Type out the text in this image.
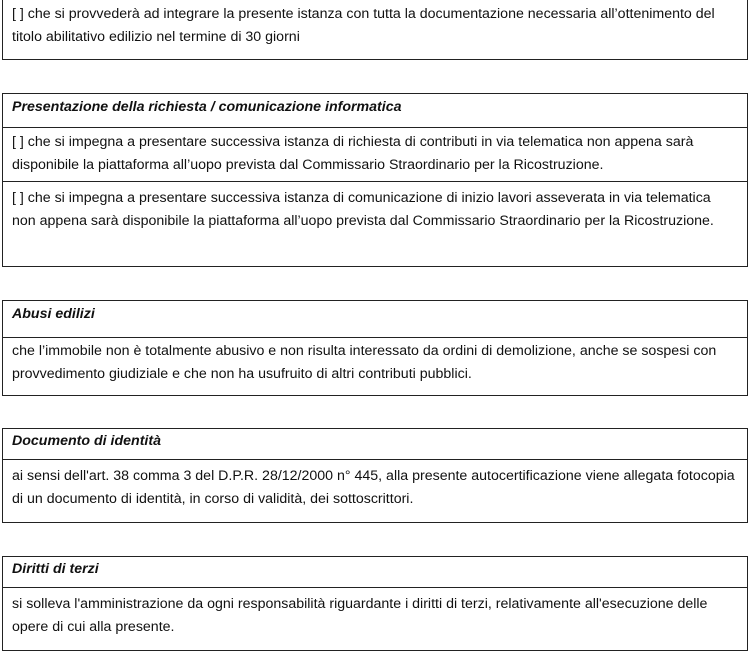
[ ] che si provvederà ad integrare la presente istanza con tutta la documentazione necessaria all’ottenimento del titolo abilitativo edilizio nel termine di 30 giorni

Presentazione della richiesta / comunicazione informatica

[ ] che si impegna a presentare successiva istanza di richiesta di contributi in via telematica non appena sarà disponibile la piattaforma all’uopo prevista dal Commissario Straordinario per la Ricostruzione.

[ ] che si impegna a presentare successiva istanza di comunicazione di inizio lavori asseverata in via telematica non appena sarà disponibile la piattaforma all’uopo prevista dal Commissario Straordinario per la Ricostruzione.

Abusi edilizi

che l’immobile non è totalmente abusivo e non risulta interessato da ordini di demolizione, anche se sospesi con provvedimento giudiziale e che non ha usufruito di altri contributi pubblici.

Documento di identità

ai sensi dell'art. 38 comma 3 del D.P.R. 28/12/2000 n° 445, alla presente autocertificazione viene allegata fotocopia di un documento di identità, in corso di validità, dei sottoscrittori.

Diritti di terzi

si solleva l'amministrazione da ogni responsabilità riguardante i diritti di terzi, relativamente all'esecuzione delle opere di cui alla presente.
